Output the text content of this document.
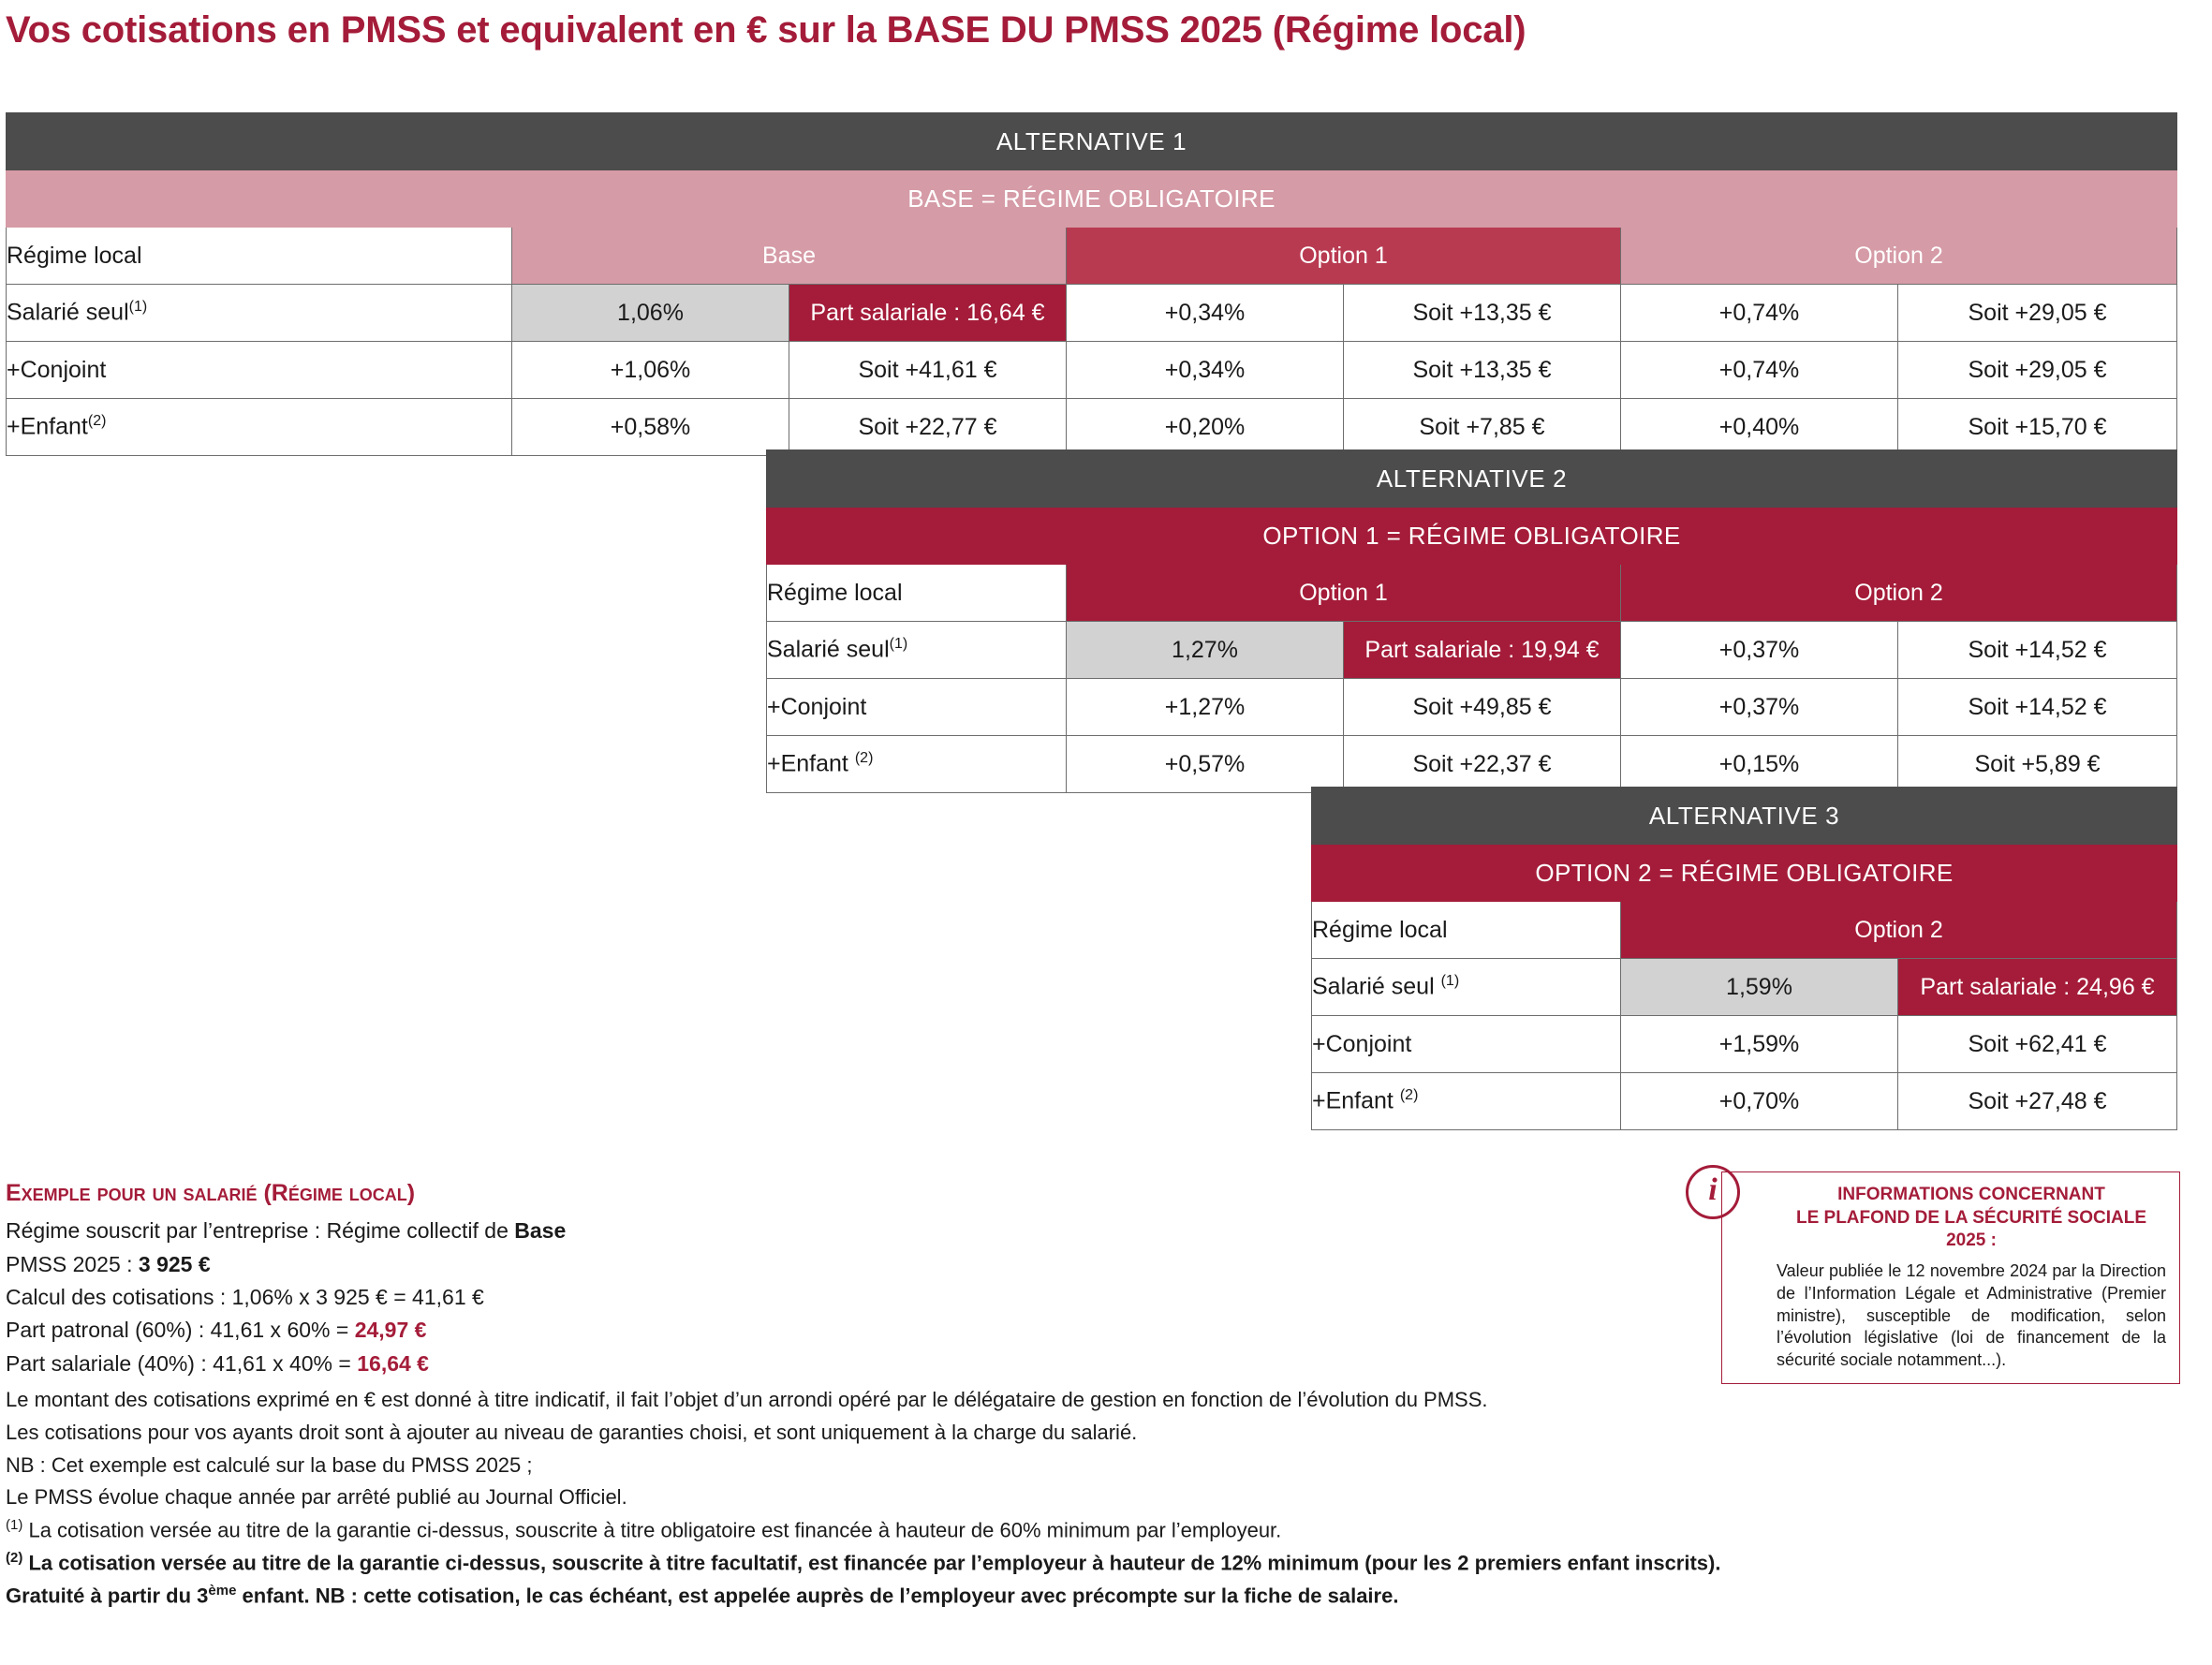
Vos cotisations en PMSS et equivalent en € sur la BASE DU PMSS 2025 (Régime local)
ALTERNATIVE 1						
BASE = RÉGIME OBLIGATOIRE						
Régime local	Base		Option 1		Option 2	
Salarié seul$^{(1)}$	1,06%	Part salariale : 16,64 €	+0,34%	Soit +13,35 €	+0,74%	Soit +29,05 €
+Conjoint	+1,06%	Soit +41,61 €	+0,34%	Soit +13,35 €	+0,74%	Soit +29,05 €
+Enfant$^{(2)}$	+0,58%	Soit +22,77 €	+0,20%	Soit +7,85 €	+0,40%	Soit +15,70 €
ALTERNATIVE 2				
OPTION 1 = RÉGIME OBLIGATOIRE				
Régime local	Option 1		Option 2	
Salarié seul$^{(1)}$	1,27%	Part salariale : 19,94 €	+0,37%	Soit +14,52 €
+Conjoint	+1,27%	Soit +49,85 €	+0,37%	Soit +14,52 €
+Enfant $^{(2)}$	+0,57%	Soit +22,37 €	+0,15%	Soit +5,89 €
ALTERNATIVE 3		
OPTION 2 = RÉGIME OBLIGATOIRE		
Régime local	Option 2	
Salarié seul $^{(1)}$	1,59%	Part salariale : 24,96 €
+Conjoint	+1,59%	Soit +62,41 €
+Enfant $^{(2)}$	+0,70%	Soit +27,48 €
Exemple pour un salarié (Régime local)

Régime souscrit par l’entreprise : Régime collectif de Base

PMSS 2025 : 3 925 €

Calcul des cotisations : 1,06% x 3 925 € = 41,61 €

Part patronal (60%) : 41,61 x 60% = 24,97 €

Part salariale (40%) : 41,61 x 40% = 16,64 €

i	INFORMATIONS CONCERNANT
LE PLAFOND DE LA SÉCURITÉ SOCIALE 2025 :
Valeur publiée le 12 novembre 2024 par la Direction de l’Information Légale et Administrative (Premier ministre), susceptible de modification, selon l’évolution législative (loi de financement de la sécurité sociale notamment...).

Le montant des cotisations exprimé en € est donné à titre indicatif, il fait l’objet d’un arrondi opéré par le délégataire de gestion en fonction de l’évolution du PMSS.

Les cotisations pour vos ayants droit sont à ajouter au niveau de garanties choisi, et sont uniquement à la charge du salarié.

NB : Cet exemple est calculé sur la base du PMSS 2025 ;

Le PMSS évolue chaque année par arrêté publié au Journal Officiel.

$^{(1)}$ La cotisation versée au titre de la garantie ci-dessus, souscrite à titre obligatoire est financée à hauteur de 60% minimum par l’employeur.

$^{(2)}$ La cotisation versée au titre de la garantie ci-dessus, souscrite à titre facultatif, est financée par l’employeur à hauteur de 12% minimum (pour les 2 premiers enfant inscrits).

Gratuité à partir du 3ème enfant. NB : cette cotisation, le cas échéant, est appelée auprès de l’employeur avec précompte sur la fiche de salaire.
